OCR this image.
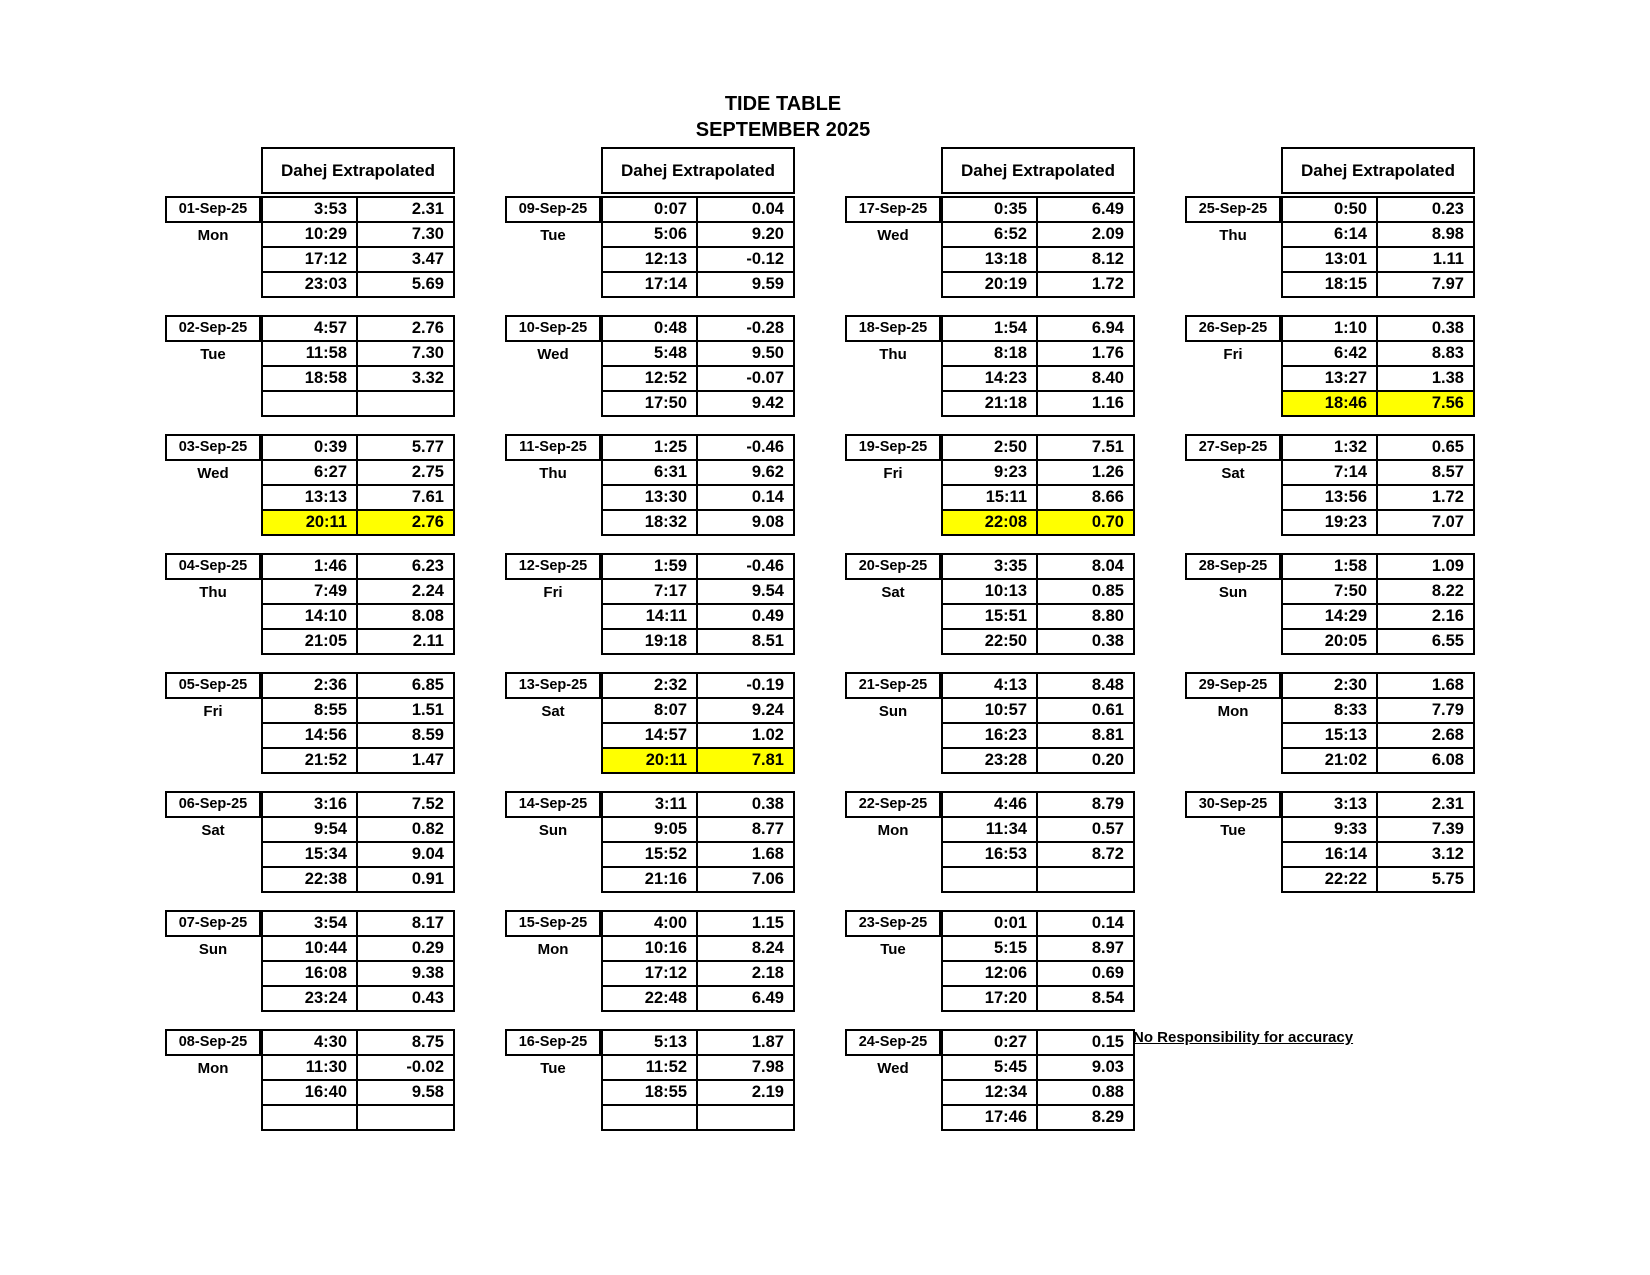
TIDE TABLE
SEPTEMBER 2025
Dahej Extrapolated
01-Sep-25
Mon
3:53	2.31
10:29	7.30
17:12	3.47
23:03	5.69
02-Sep-25
Tue
4:57	2.76
11:58	7.30
18:58	3.32
03-Sep-25
Wed
0:39	5.77
6:27	2.75
13:13	7.61
20:11	2.76
04-Sep-25
Thu
1:46	6.23
7:49	2.24
14:10	8.08
21:05	2.11
05-Sep-25
Fri
2:36	6.85
8:55	1.51
14:56	8.59
21:52	1.47
06-Sep-25
Sat
3:16	7.52
9:54	0.82
15:34	9.04
22:38	0.91
07-Sep-25
Sun
3:54	8.17
10:44	0.29
16:08	9.38
23:24	0.43
08-Sep-25
Mon
4:30	8.75
11:30	-0.02
16:40	9.58
Dahej Extrapolated
09-Sep-25
Tue
0:07	0.04
5:06	9.20
12:13	-0.12
17:14	9.59
10-Sep-25
Wed
0:48	-0.28
5:48	9.50
12:52	-0.07
17:50	9.42
11-Sep-25
Thu
1:25	-0.46
6:31	9.62
13:30	0.14
18:32	9.08
12-Sep-25
Fri
1:59	-0.46
7:17	9.54
14:11	0.49
19:18	8.51
13-Sep-25
Sat
2:32	-0.19
8:07	9.24
14:57	1.02
20:11	7.81
14-Sep-25
Sun
3:11	0.38
9:05	8.77
15:52	1.68
21:16	7.06
15-Sep-25
Mon
4:00	1.15
10:16	8.24
17:12	2.18
22:48	6.49
16-Sep-25
Tue
5:13	1.87
11:52	7.98
18:55	2.19
Dahej Extrapolated
17-Sep-25
Wed
0:35	6.49
6:52	2.09
13:18	8.12
20:19	1.72
18-Sep-25
Thu
1:54	6.94
8:18	1.76
14:23	8.40
21:18	1.16
19-Sep-25
Fri
2:50	7.51
9:23	1.26
15:11	8.66
22:08	0.70
20-Sep-25
Sat
3:35	8.04
10:13	0.85
15:51	8.80
22:50	0.38
21-Sep-25
Sun
4:13	8.48
10:57	0.61
16:23	8.81
23:28	0.20
22-Sep-25
Mon
4:46	8.79
11:34	0.57
16:53	8.72
23-Sep-25
Tue
0:01	0.14
5:15	8.97
12:06	0.69
17:20	8.54
24-Sep-25
Wed
0:27	0.15
5:45	9.03
12:34	0.88
17:46	8.29
Dahej Extrapolated
25-Sep-25
Thu
0:50	0.23
6:14	8.98
13:01	1.11
18:15	7.97
26-Sep-25
Fri
1:10	0.38
6:42	8.83
13:27	1.38
18:46	7.56
27-Sep-25
Sat
1:32	0.65
7:14	8.57
13:56	1.72
19:23	7.07
28-Sep-25
Sun
1:58	1.09
7:50	8.22
14:29	2.16
20:05	6.55
29-Sep-25
Mon
2:30	1.68
8:33	7.79
15:13	2.68
21:02	6.08
30-Sep-25
Tue
3:13	2.31
9:33	7.39
16:14	3.12
22:22	5.75
No Responsibility for accuracy
